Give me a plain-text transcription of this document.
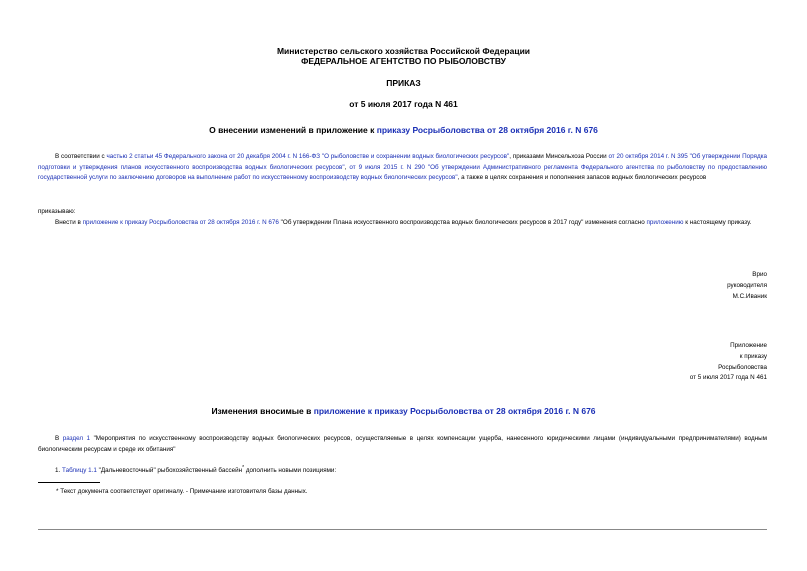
Министерство сельского хозяйства Российской Федерации
ФЕДЕРАЛЬНОЕ АГЕНТСТВО ПО РЫБОЛОВСТВУ
ПРИКАЗ
от 5 июля 2017 года N 461
О внесении изменений в приложение к приказу Росрыболовства от 28 октября 2016 г. N 676
В соответствии с частью 2 статьи 45 Федерального закона от 20 декабря 2004 г. N 166-ФЗ "О рыболовстве и сохранении водных биологических ресурсов", приказами Минсельхоза России от 20 октября 2014 г. N 395 "Об утверждении Порядка подготовки и утверждения планов искусственного воспроизводства водных биологических ресурсов", от 9 июля 2015 г. N 290 "Об утверждении Административного регламента Федерального агентства по рыболовству по предоставлению государственной услуги по заключению договоров на выполнение работ по искусственному воспроизводству водных биологических ресурсов", а также в целях сохранения и пополнения запасов водных биологических ресурсов
приказываю:
Внести в приложение к приказу Росрыболовства от 28 октября 2016 г. N 676 "Об утверждении Плана искусственного воспроизводства водных биологических ресурсов в 2017 году" изменения согласно приложению к настоящему приказу.
Врио
руководителя
М.С.Иваник
Приложение
к приказу
Росрыболовства
от 5 июля 2017 года N 461
Изменения вносимые в приложение к приказу Росрыболовства от 28 октября 2016 г. N 676
В раздел 1 "Мероприятия по искусственному воспроизводству водных биологических ресурсов, осуществляемые в целях компенсации ущерба, нанесенного юридическими лицами (индивидуальными предпринимателями) водным биологическим ресурсам и среде их обитания"
1. Таблицу 1.1 "Дальневосточный" рыбохозяйственный бассейн* дополнить новыми позициями:
* Текст документа соответствует оригиналу. - Примечание изготовителя базы данных.
